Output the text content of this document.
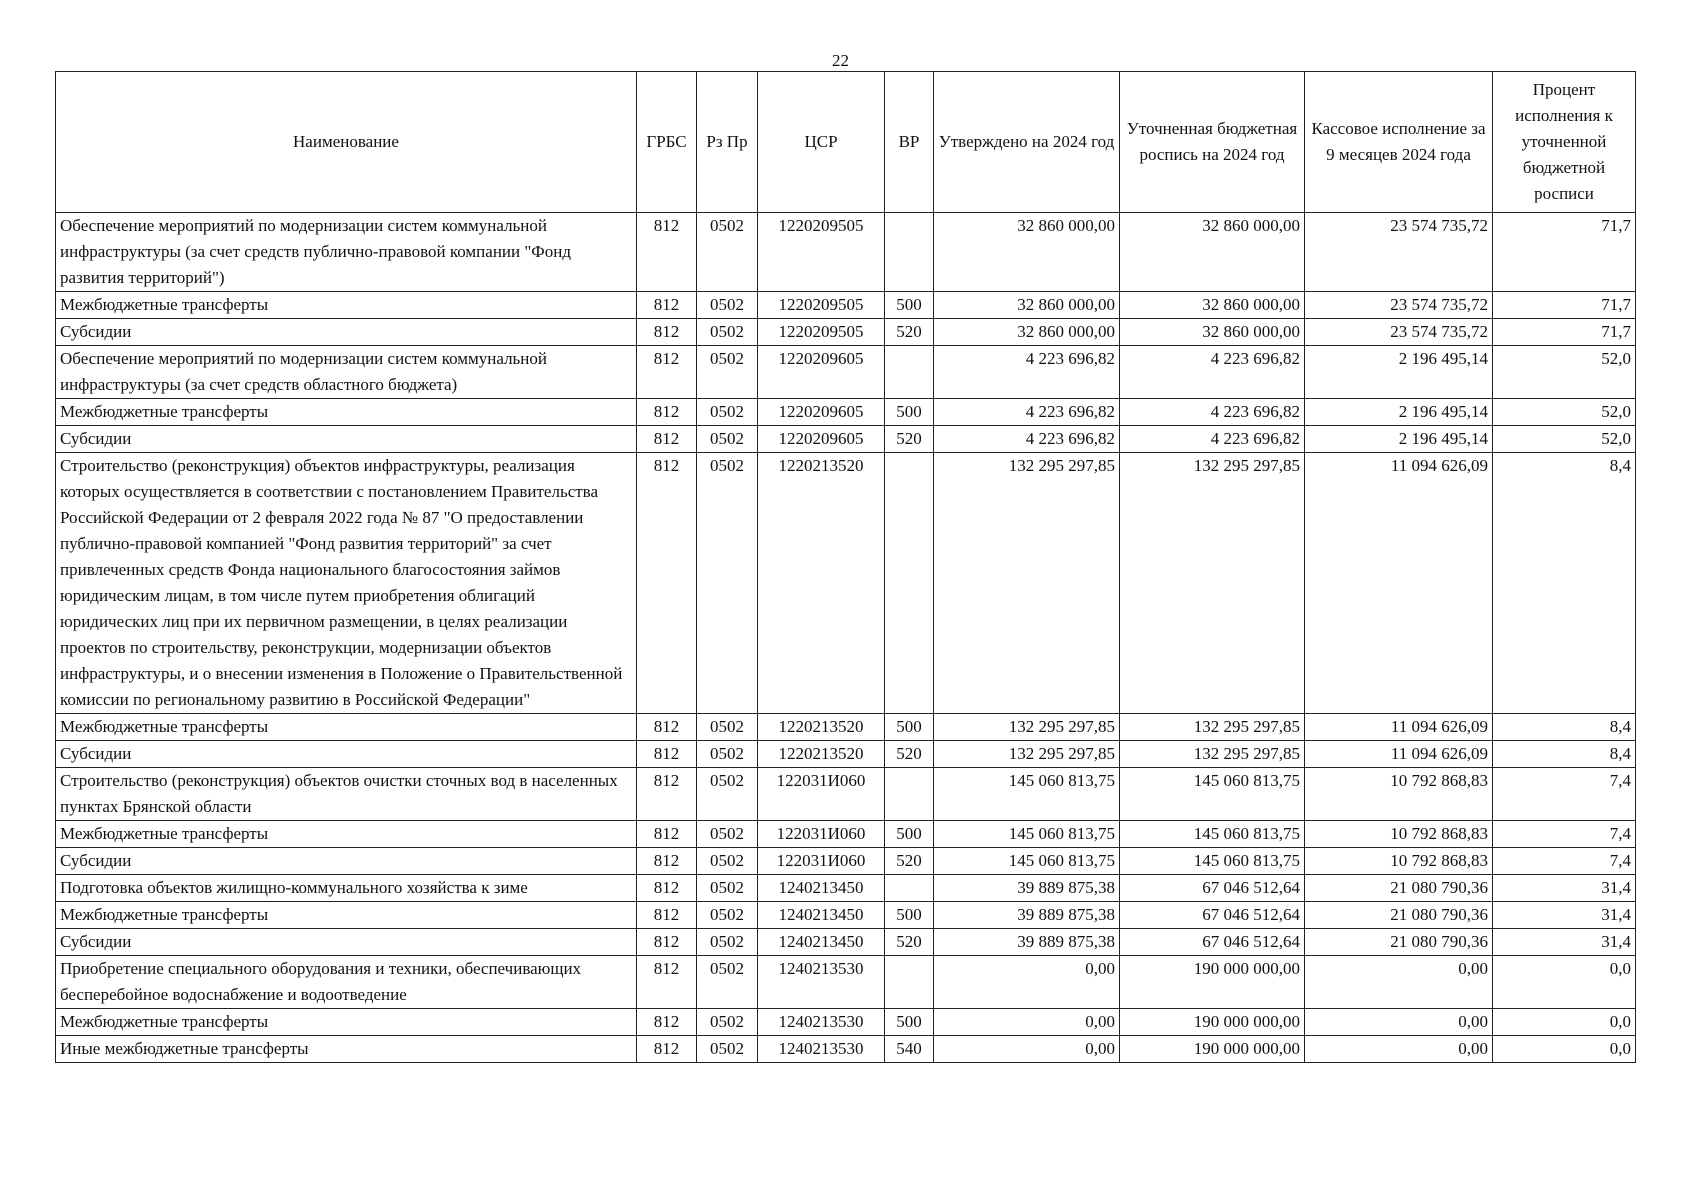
22
Наименование	ГРБС	Рз Пр	ЦСР	ВР	Утверждено на 2024 год	Уточненная бюджетная роспись на 2024 год	Кассовое исполнение за 9 месяцев 2024 года	Процент исполнения к уточненной бюджетной росписи
Обеспечение мероприятий по модернизации систем коммунальной инфраструктуры (за счет средств публично-правовой компании "Фонд развития территорий")	812	0502	1220209505		32 860 000,00	32 860 000,00	23 574 735,72	71,7
Межбюджетные трансферты	812	0502	1220209505	500	32 860 000,00	32 860 000,00	23 574 735,72	71,7
Субсидии	812	0502	1220209505	520	32 860 000,00	32 860 000,00	23 574 735,72	71,7
Обеспечение мероприятий по модернизации систем коммунальной инфраструктуры (за счет средств областного бюджета)	812	0502	1220209605		4 223 696,82	4 223 696,82	2 196 495,14	52,0
Межбюджетные трансферты	812	0502	1220209605	500	4 223 696,82	4 223 696,82	2 196 495,14	52,0
Субсидии	812	0502	1220209605	520	4 223 696,82	4 223 696,82	2 196 495,14	52,0
Строительство (реконструкция) объектов инфраструктуры, реализация которых осуществляется в соответствии с постановлением Правительства Российской Федерации от 2 февраля 2022 года № 87 "О предоставлении публично-правовой компанией "Фонд развития территорий" за счет привлеченных средств Фонда национального благосостояния займов юридическим лицам, в том числе путем приобретения облигаций юридических лиц при их первичном размещении, в целях реализации проектов по строительству, реконструкции, модернизации объектов инфраструктуры, и о внесении изменения в Положение о Правительственной комиссии по региональному развитию в Российской Федерации"	812	0502	1220213520		132 295 297,85	132 295 297,85	11 094 626,09	8,4
Межбюджетные трансферты	812	0502	1220213520	500	132 295 297,85	132 295 297,85	11 094 626,09	8,4
Субсидии	812	0502	1220213520	520	132 295 297,85	132 295 297,85	11 094 626,09	8,4
Строительство (реконструкция) объектов очистки сточных вод в населенных пунктах Брянской области	812	0502	122031И060		145 060 813,75	145 060 813,75	10 792 868,83	7,4
Межбюджетные трансферты	812	0502	122031И060	500	145 060 813,75	145 060 813,75	10 792 868,83	7,4
Субсидии	812	0502	122031И060	520	145 060 813,75	145 060 813,75	10 792 868,83	7,4
Подготовка объектов жилищно-коммунального хозяйства к зиме	812	0502	1240213450		39 889 875,38	67 046 512,64	21 080 790,36	31,4
Межбюджетные трансферты	812	0502	1240213450	500	39 889 875,38	67 046 512,64	21 080 790,36	31,4
Субсидии	812	0502	1240213450	520	39 889 875,38	67 046 512,64	21 080 790,36	31,4
Приобретение специального оборудования и техники, обеспечивающих бесперебойное водоснабжение и водоотведение	812	0502	1240213530		0,00	190 000 000,00	0,00	0,0
Межбюджетные трансферты	812	0502	1240213530	500	0,00	190 000 000,00	0,00	0,0
Иные межбюджетные трансферты	812	0502	1240213530	540	0,00	190 000 000,00	0,00	0,0
